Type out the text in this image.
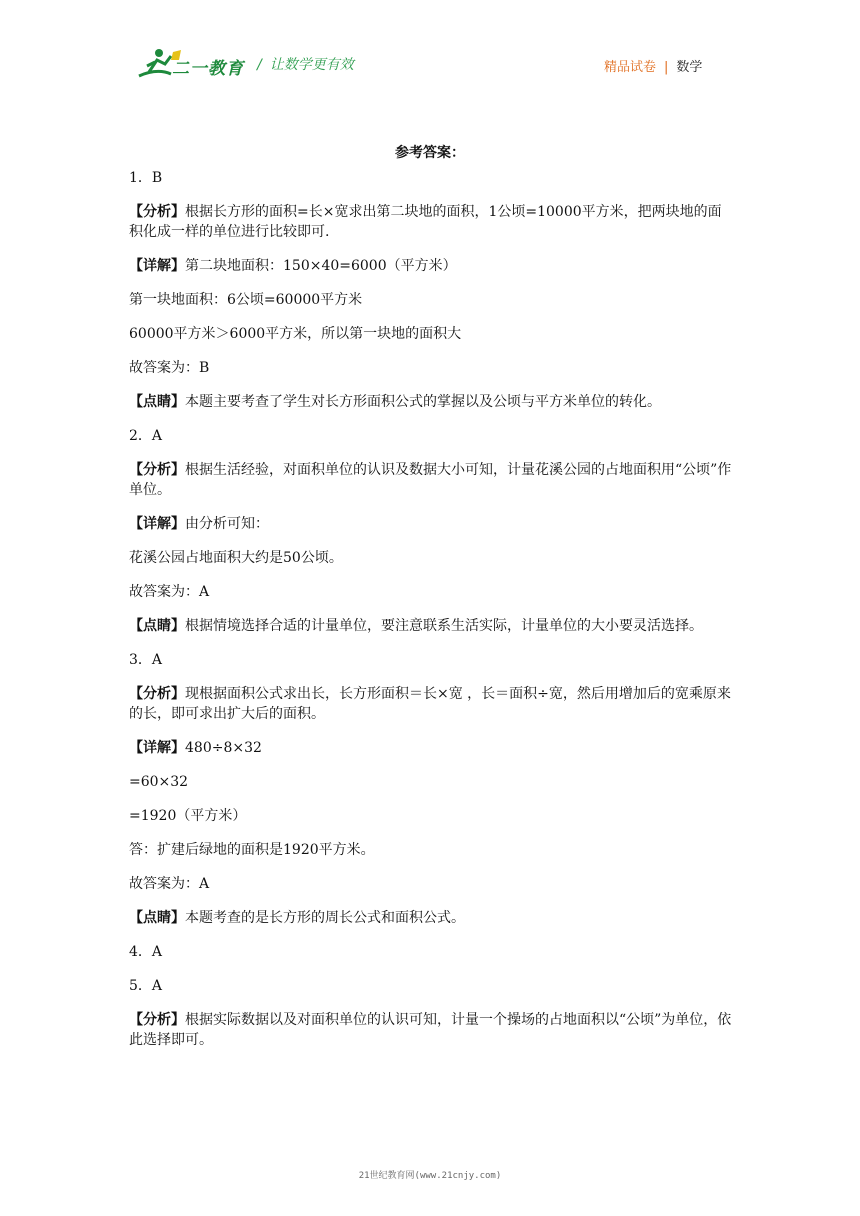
二一教育 / 让数学更有效	精品试卷 | 数学
参考答案：
1．B
【分析】根据长方形的面积=长×宽求出第二块地的面积，1公顷=10000平方米，把两块地的面积化成一样的单位进行比较即可.
【详解】第二块地面积：150×40=6000（平方米）
第一块地面积：6公顷=60000平方米
60000平方米＞6000平方米，所以第一块地的面积大
故答案为：B
【点睛】本题主要考查了学生对长方形面积公式的掌握以及公顷与平方米单位的转化。
2．A
【分析】根据生活经验，对面积单位的认识及数据大小可知，计量花溪公园的占地面积用“公顷”作单位。
【详解】由分析可知：
花溪公园占地面积大约是50公顷。
故答案为：A
【点睛】根据情境选择合适的计量单位，要注意联系生活实际，计量单位的大小要灵活选择。
3．A
【分析】现根据面积公式求出长，长方形面积＝长×宽 ，长＝面积÷宽，然后用增加后的宽乘原来的长，即可求出扩大后的面积。
【详解】480÷8×32
=60×32
=1920（平方米）
答：扩建后绿地的面积是1920平方米。
故答案为：A
【点睛】本题考查的是长方形的周长公式和面积公式。
4．A
5．A
【分析】根据实际数据以及对面积单位的认识可知，计量一个操场的占地面积以“公顷”为单位，依此选择即可。
21世纪教育网(www.21cnjy.com)
